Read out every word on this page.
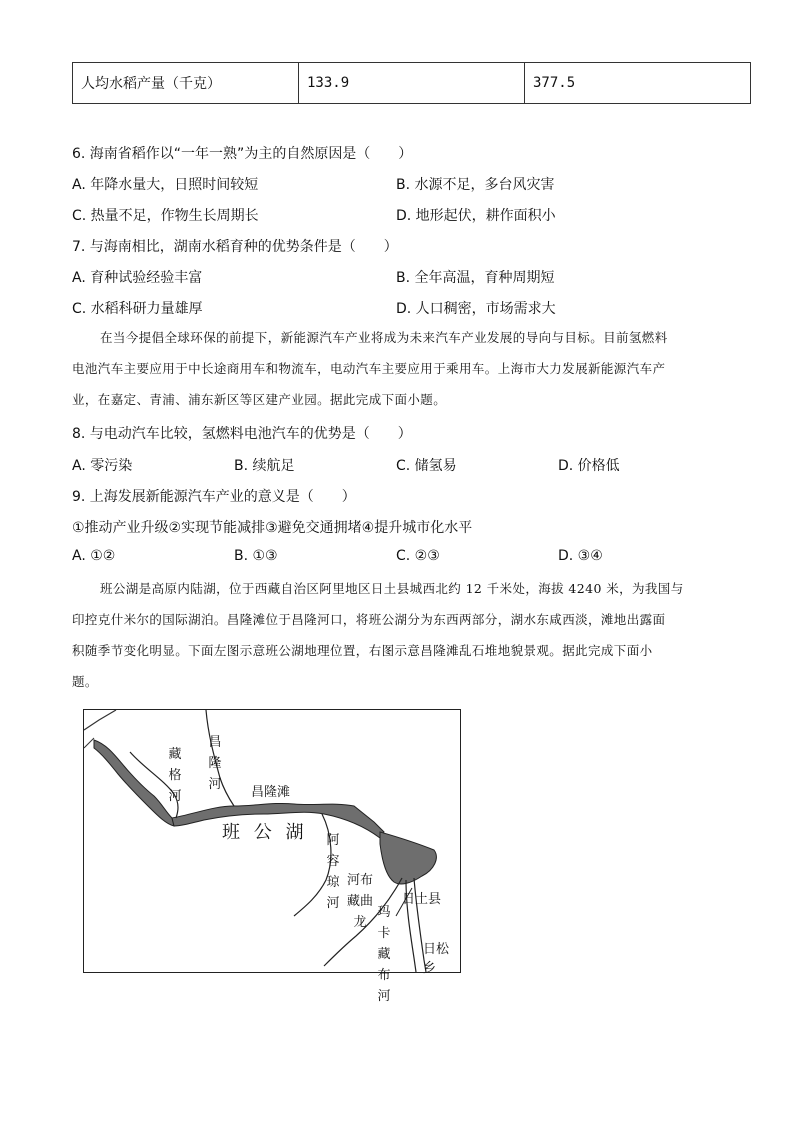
人均水稻产量（千克）	133.9	377.5
6. 海南省稻作以“一年一熟”为主的自然原因是（　　）
A. 年降水量大，日照时间较短	B. 水源不足，多台风灾害
C. 热量不足，作物生长周期长	D. 地形起伏，耕作面积小
7. 与海南相比，湖南水稻育种的优势条件是（　　）
A. 育种试验经验丰富	B. 全年高温，育种周期短
C. 水稻科研力量雄厚	D. 人口稠密，市场需求大
在当今提倡全球环保的前提下，新能源汽车产业将成为未来汽车产业发展的导向与目标。目前氢燃料
电池汽车主要应用于中长途商用车和物流车，电动汽车主要应用于乘用车。上海市大力发展新能源汽车产
业，在嘉定、青浦、浦东新区等区建产业园。据此完成下面小题。
8. 与电动汽车比较，氢燃料电池汽车的优势是（　　）
A. 零污染	B. 续航足	C. 储氢易	D. 价格低
9. 上海发展新能源汽车产业的意义是（　　）
①推动产业升级②实现节能减排③避免交通拥堵④提升城市化水平
A. ①②	B. ①③	C. ②③	D. ③④
班公湖是高原内陆湖，位于西藏自治区阿里地区日土县城西北约 12 千米处，海拔 4240 米，为我国与
印控克什米尔的国际湖泊。昌隆滩位于昌隆河口，将班公湖分为东西两部分，湖水东咸西淡，滩地出露面
积随季节变化明显。下面左图示意班公湖地理位置，右图示意昌隆滩乱石堆地貌景观。据此完成下面小
题。
班 公 湖
昌隆滩
日土县
日松乡
藏格河
昌隆河
阿容琼河
河布藏曲龙
玛卡藏布河
